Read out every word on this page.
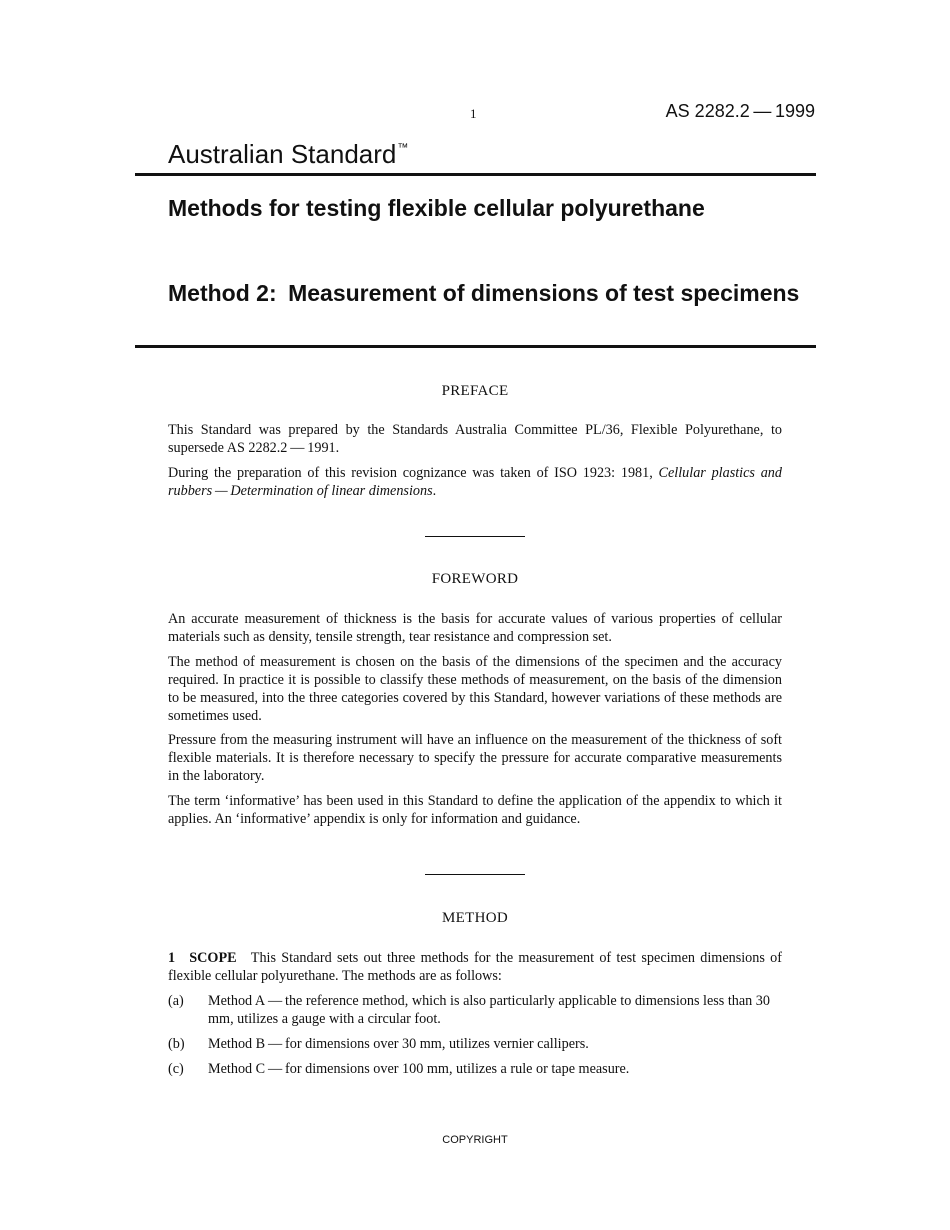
1	AS 2282.2 — 1999
Australian Standard™
Methods for testing flexible cellular polyurethane
Method 2: Measurement of dimensions of test specimens
PREFACE

This Standard was prepared by the Standards Australia Committee PL/36, Flexible Polyurethane, to supersede AS 2282.2 — 1991.

During the preparation of this revision cognizance was taken of ISO 1923: 1981, Cellular plastics and rubbers — Determination of linear dimensions.

FOREWORD

An accurate measurement of thickness is the basis for accurate values of various properties of cellular materials such as density, tensile strength, tear resistance and compression set.

The method of measurement is chosen on the basis of the dimensions of the specimen and the accuracy required. In practice it is possible to classify these methods of measurement, on the basis of the dimension to be measured, into the three categories covered by this Standard, however variations of these methods are sometimes used.

Pressure from the measuring instrument will have an influence on the measurement of the thickness of soft flexible materials. It is therefore necessary to specify the pressure for accurate comparative measurements in the laboratory.

The term ‘informative’ has been used in this Standard to define the application of the appendix to which it applies. An ‘informative’ appendix is only for information and guidance.

METHOD

1 SCOPE This Standard sets out three methods for the measurement of test specimen dimensions of flexible cellular polyurethane. The methods are as follows:

(a) Method A — the reference method, which is also particularly applicable to dimensions less than 30 mm, utilizes a gauge with a circular foot.
(b) Method B — for dimensions over 30 mm, utilizes vernier callipers.
(c) Method C — for dimensions over 100 mm, utilizes a rule or tape measure.
COPYRIGHT
